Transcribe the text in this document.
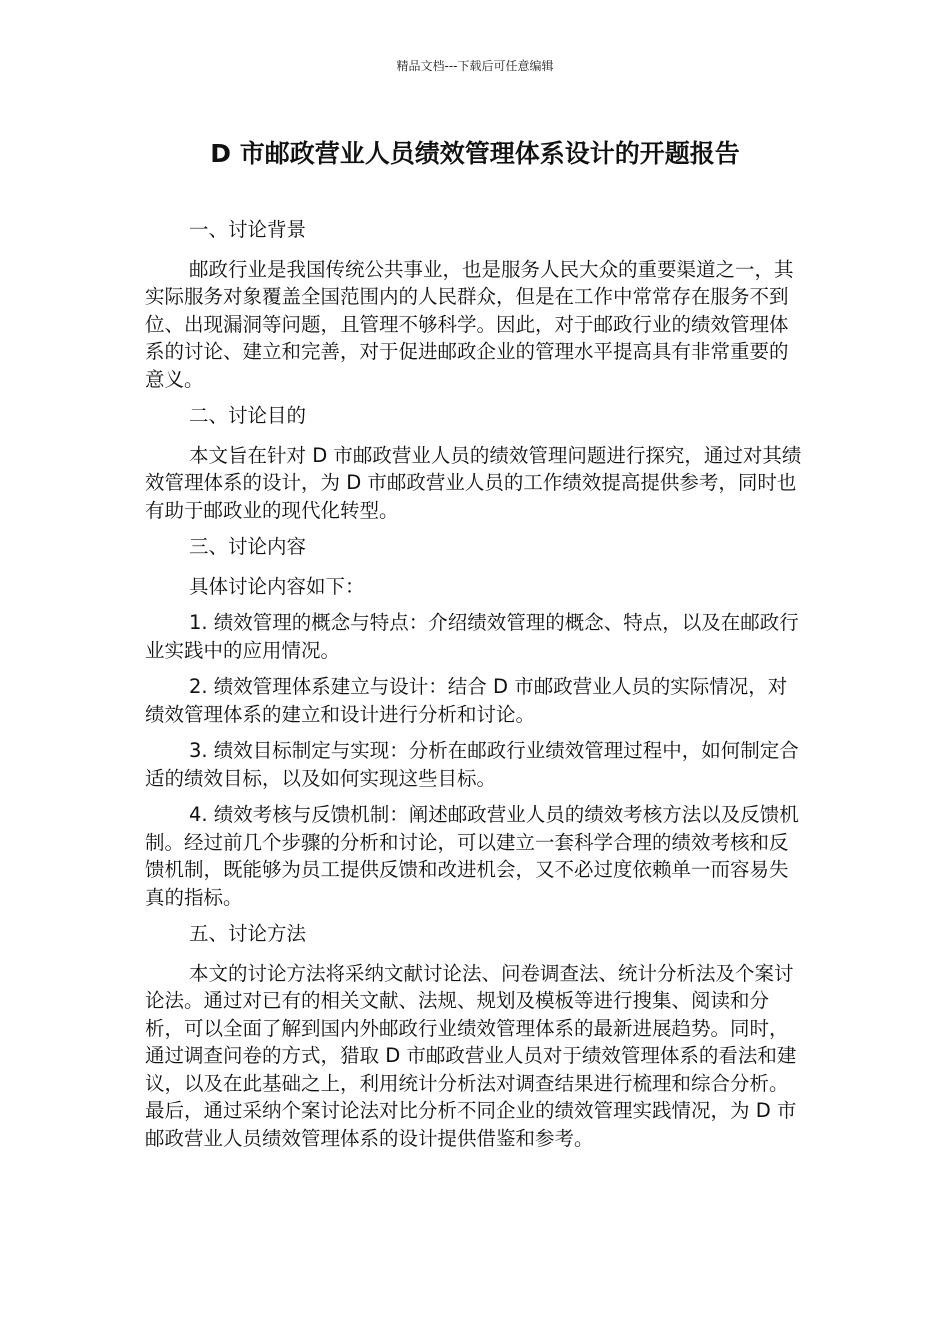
精品文档---下载后可任意编辑
D 市邮政营业人员绩效管理体系设计的开题报告

一、讨论背景

邮政行业是我国传统公共事业，也是服务人民大众的重要渠道之一，其实际服务对象覆盖全国范围内的人民群众，但是在工作中常常存在服务不到位、出现漏洞等问题，且管理不够科学。因此，对于邮政行业的绩效管理体系的讨论、建立和完善，对于促进邮政企业的管理水平提高具有非常重要的意义。

二、讨论目的

本文旨在针对 D 市邮政营业人员的绩效管理问题进行探究，通过对其绩效管理体系的设计，为 D 市邮政营业人员的工作绩效提高提供参考，同时也有助于邮政业的现代化转型。

三、讨论内容

具体讨论内容如下：

1. 绩效管理的概念与特点：介绍绩效管理的概念、特点，以及在邮政行业实践中的应用情况。

2. 绩效管理体系建立与设计：结合 D 市邮政营业人员的实际情况，对绩效管理体系的建立和设计进行分析和讨论。

3. 绩效目标制定与实现：分析在邮政行业绩效管理过程中，如何制定合适的绩效目标，以及如何实现这些目标。

4. 绩效考核与反馈机制：阐述邮政营业人员的绩效考核方法以及反馈机制。经过前几个步骤的分析和讨论，可以建立一套科学合理的绩效考核和反馈机制，既能够为员工提供反馈和改进机会，又不必过度依赖单一而容易失真的指标。

五、讨论方法

本文的讨论方法将采纳文献讨论法、问卷调查法、统计分析法及个案讨论法。通过对已有的相关文献、法规、规划及模板等进行搜集、阅读和分析，可以全面了解到国内外邮政行业绩效管理体系的最新进展趋势。同时，通过调查问卷的方式，猎取 D 市邮政营业人员对于绩效管理体系的看法和建议，以及在此基础之上，利用统计分析法对调查结果进行梳理和综合分析。最后，通过采纳个案讨论法对比分析不同企业的绩效管理实践情况，为 D 市邮政营业人员绩效管理体系的设计提供借鉴和参考。
